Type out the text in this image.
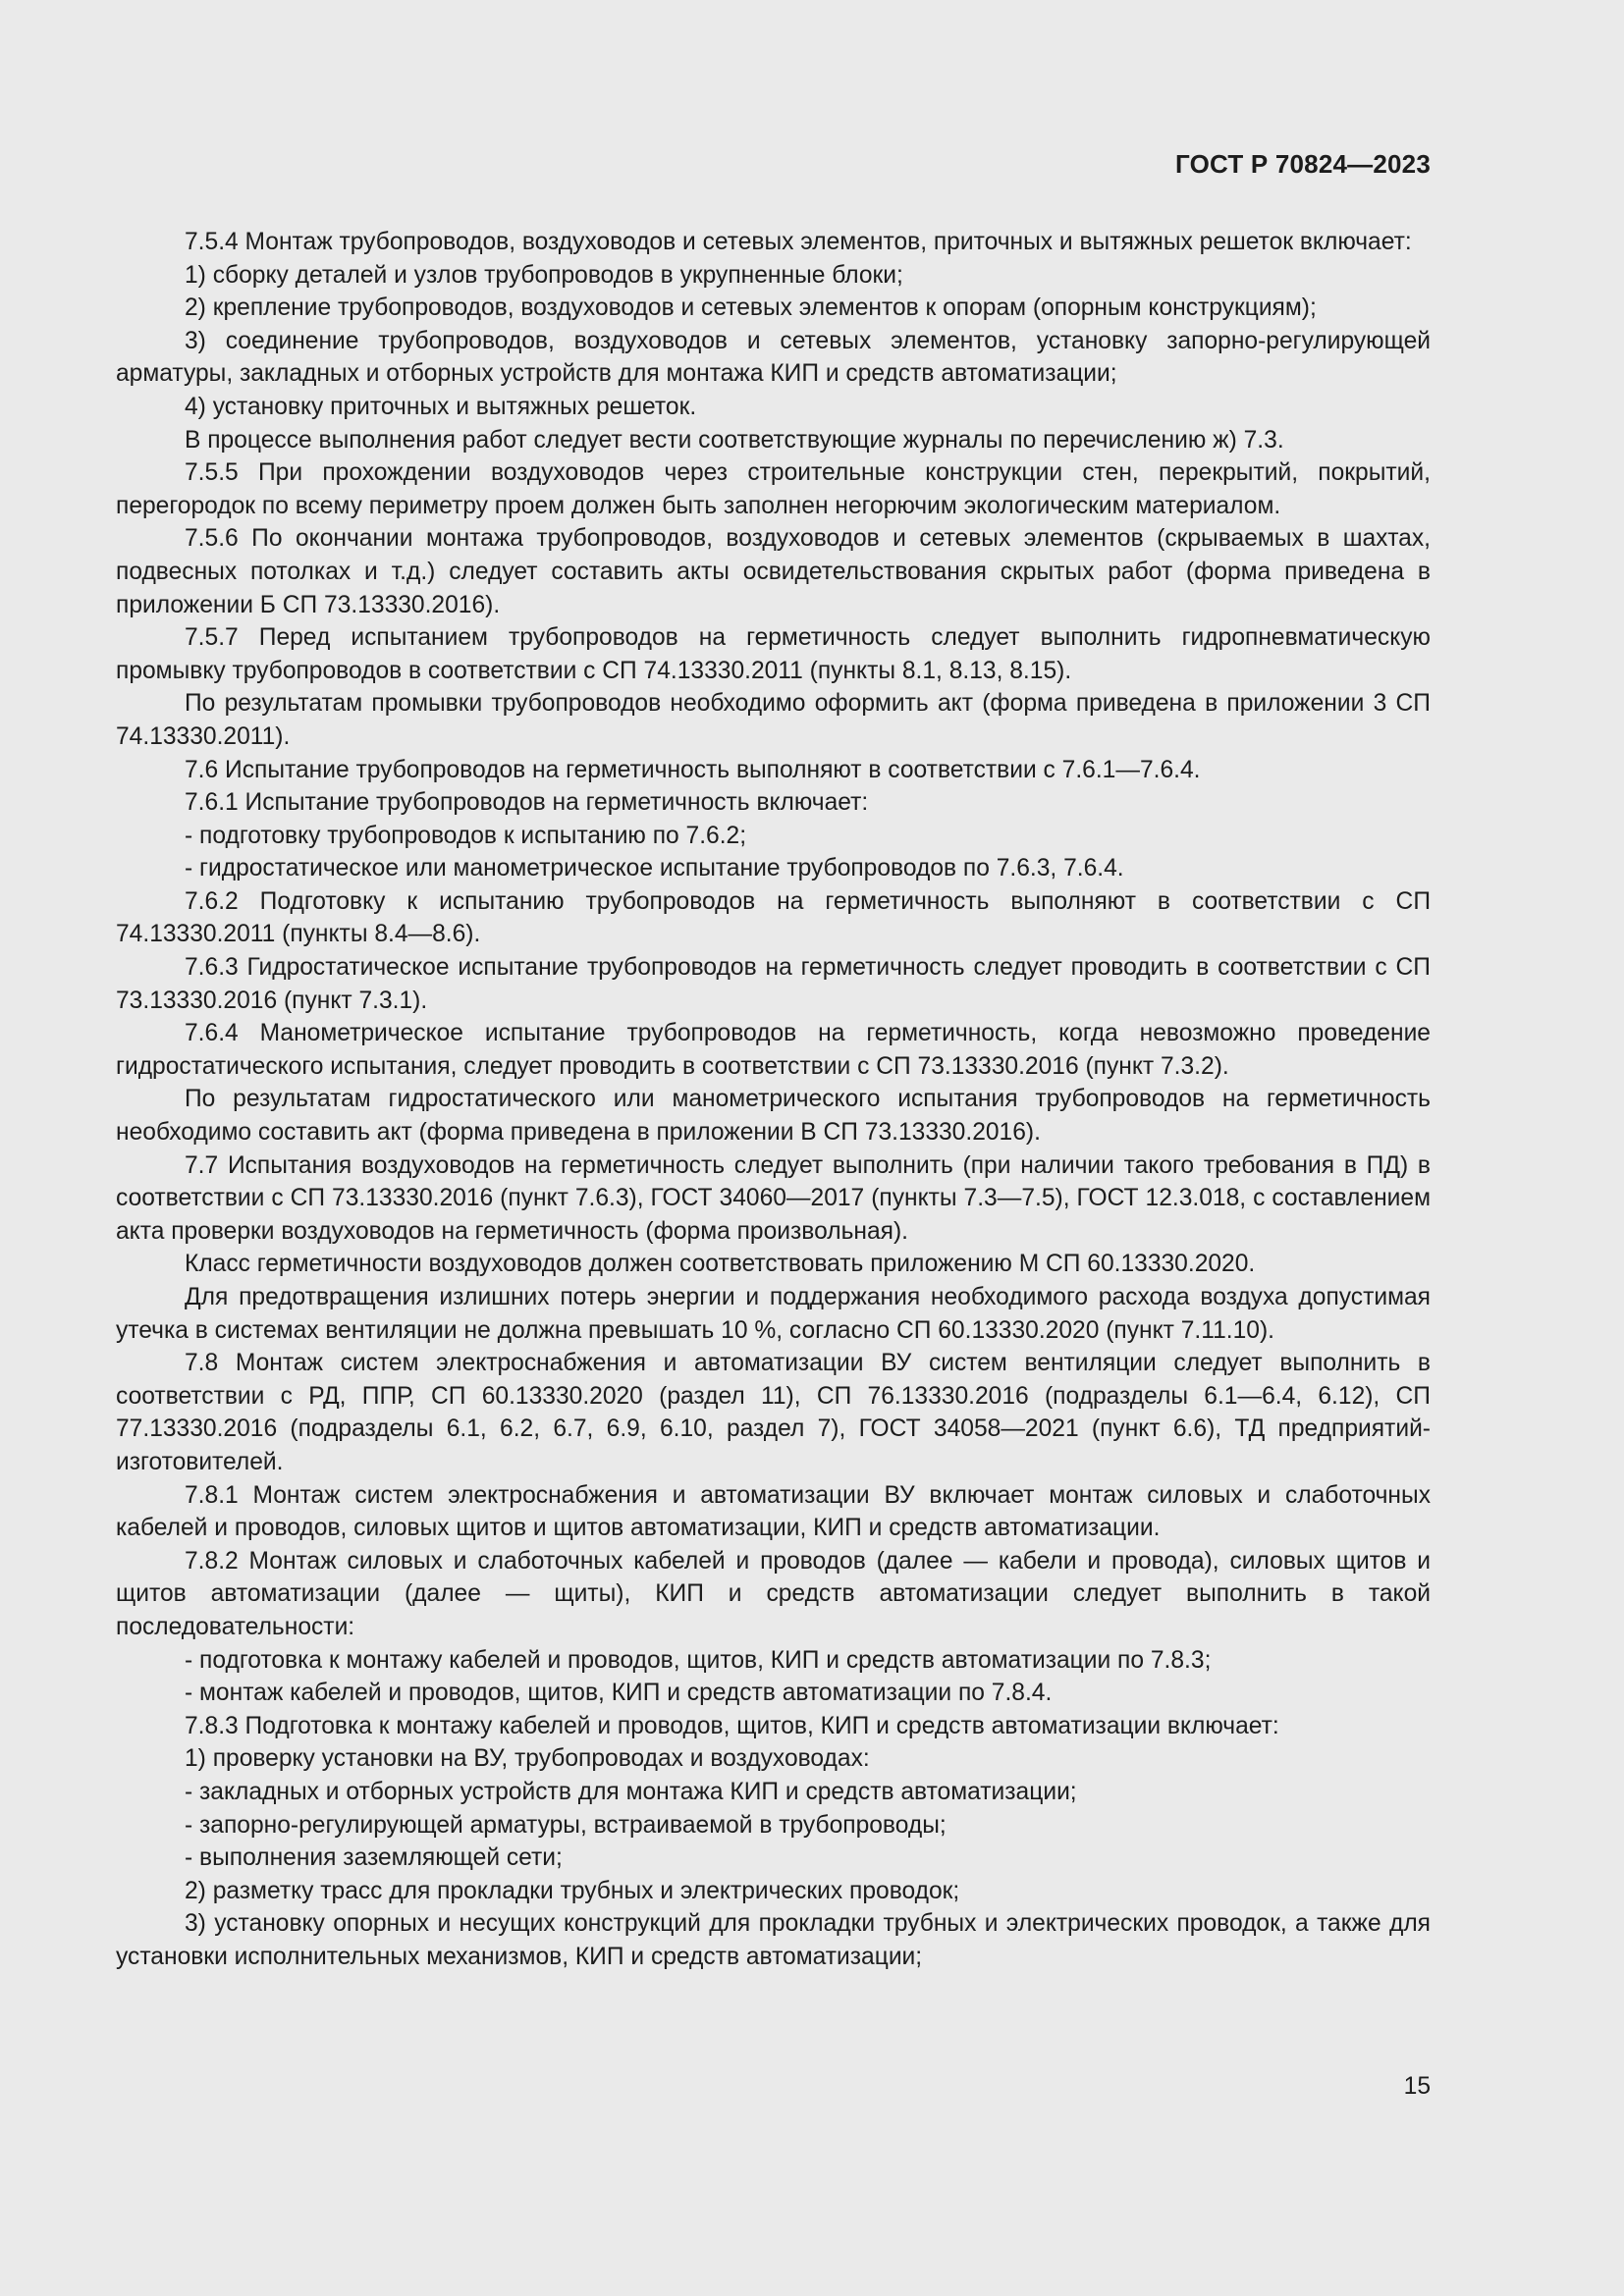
ГОСТ Р 70824—2023

7.5.4 Монтаж трубопроводов, воздуховодов и сетевых элементов, приточных и вытяжных решеток включает:

1) сборку деталей и узлов трубопроводов в укрупненные блоки;

2) крепление трубопроводов, воздуховодов и сетевых элементов к опорам (опорным конструкциям);

3) соединение трубопроводов, воздуховодов и сетевых элементов, установку запорно-регулирующей арматуры, закладных и отборных устройств для монтажа КИП и средств автоматизации;

4) установку приточных и вытяжных решеток.

В процессе выполнения работ следует вести соответствующие журналы по перечислению ж) 7.3.

7.5.5 При прохождении воздуховодов через строительные конструкции стен, перекрытий, покрытий, перегородок по всему периметру проем должен быть заполнен негорючим экологическим материалом.

7.5.6 По окончании монтажа трубопроводов, воздуховодов и сетевых элементов (скрываемых в шахтах, подвесных потолках и т.д.) следует составить акты освидетельствования скрытых работ (форма приведена в приложении Б СП 73.13330.2016).

7.5.7 Перед испытанием трубопроводов на герметичность следует выполнить гидропневматическую промывку трубопроводов в соответствии с СП 74.13330.2011 (пункты 8.1, 8.13, 8.15).

По результатам промывки трубопроводов необходимо оформить акт (форма приведена в приложении 3 СП 74.13330.2011).

7.6 Испытание трубопроводов на герметичность выполняют в соответствии с 7.6.1—7.6.4.

7.6.1 Испытание трубопроводов на герметичность включает:

- подготовку трубопроводов к испытанию по 7.6.2;

- гидростатическое или манометрическое испытание трубопроводов по 7.6.3, 7.6.4.

7.6.2 Подготовку к испытанию трубопроводов на герметичность выполняют в соответствии с СП 74.13330.2011 (пункты 8.4—8.6).

7.6.3 Гидростатическое испытание трубопроводов на герметичность следует проводить в соответствии с СП 73.13330.2016 (пункт 7.3.1).

7.6.4 Манометрическое испытание трубопроводов на герметичность, когда невозможно проведение гидростатического испытания, следует проводить в соответствии с СП 73.13330.2016 (пункт 7.3.2).

По результатам гидростатического или манометрического испытания трубопроводов на герметичность необходимо составить акт (форма приведена в приложении В СП 73.13330.2016).

7.7 Испытания воздуховодов на герметичность следует выполнить (при наличии такого требования в ПД) в соответствии с СП 73.13330.2016 (пункт 7.6.3), ГОСТ 34060—2017 (пункты 7.3—7.5), ГОСТ 12.3.018, с составлением акта проверки воздуховодов на герметичность (форма произвольная).

Класс герметичности воздуховодов должен соответствовать приложению М СП 60.13330.2020.

Для предотвращения излишних потерь энергии и поддержания необходимого расхода воздуха допустимая утечка в системах вентиляции не должна превышать 10 %, согласно СП 60.13330.2020 (пункт 7.11.10).

7.8 Монтаж систем электроснабжения и автоматизации ВУ систем вентиляции следует выполнить в соответствии с РД, ППР, СП 60.13330.2020 (раздел 11), СП 76.13330.2016 (подразделы 6.1—6.4, 6.12), СП 77.13330.2016 (подразделы 6.1, 6.2, 6.7, 6.9, 6.10, раздел 7), ГОСТ 34058—2021 (пункт 6.6), ТД предприятий-изготовителей.

7.8.1 Монтаж систем электроснабжения и автоматизации ВУ включает монтаж силовых и слаботочных кабелей и проводов, силовых щитов и щитов автоматизации, КИП и средств автоматизации.

7.8.2 Монтаж силовых и слаботочных кабелей и проводов (далее — кабели и провода), силовых щитов и щитов автоматизации (далее — щиты), КИП и средств автоматизации следует выполнить в такой последовательности:

- подготовка к монтажу кабелей и проводов, щитов, КИП и средств автоматизации по 7.8.3;

- монтаж кабелей и проводов, щитов, КИП и средств автоматизации по 7.8.4.

7.8.3 Подготовка к монтажу кабелей и проводов, щитов, КИП и средств автоматизации включает:

1) проверку установки на ВУ, трубопроводах и воздуховодах:

- закладных и отборных устройств для монтажа КИП и средств автоматизации;

- запорно-регулирующей арматуры, встраиваемой в трубопроводы;

- выполнения заземляющей сети;

2) разметку трасс для прокладки трубных и электрических проводок;

3) установку опорных и несущих конструкций для прокладки трубных и электрических проводок, а также для установки исполнительных механизмов, КИП и средств автоматизации;

15
